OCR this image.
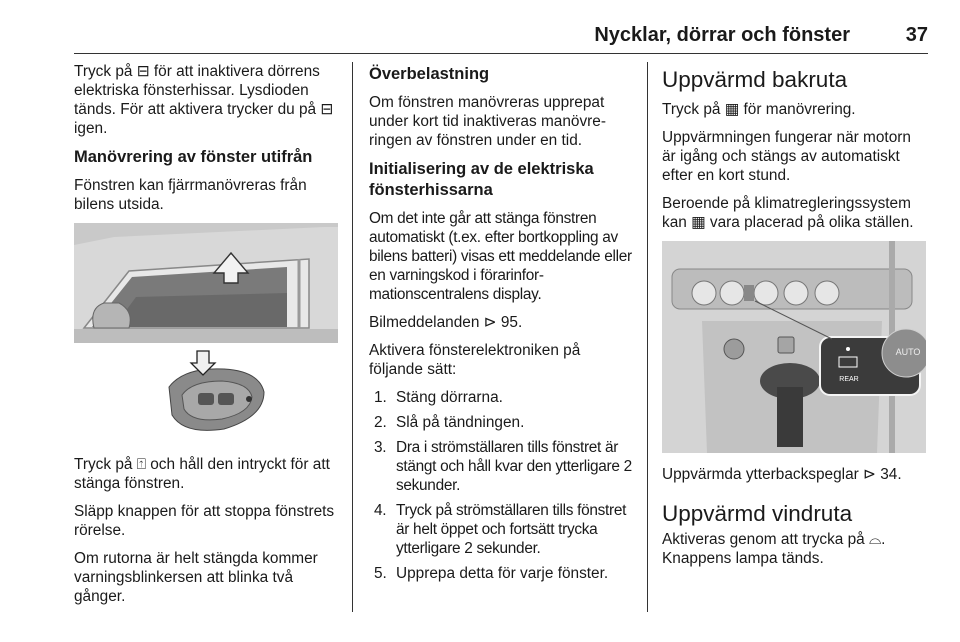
Nycklar, dörrar och fönster	37

Tryck på ⊟ för att inaktivera dörrens elektriska fönsterhissar. Lysdioden tänds. För att aktivera trycker du på ⊟ igen.

Manövrering av fönster utifrån

Fönstren kan fjärrmanövreras från bilens utsida.

Tryck på ⍐ och håll den intryckt för att stänga fönstren.

Släpp knappen för att stoppa fönstrets rörelse.

Om rutorna är helt stängda kommer varningsblinkersen att blinka två gånger.

Överbelastning

Om fönstren manövreras upprepat under kort tid inaktiveras manövreringen av fönstren under en tid.

Initialisering av de elektriska fönsterhissarna

Om det inte går att stänga fönstren automatiskt (t.ex. efter bortkoppling av bilens batteri) visas ett meddelande eller en varningskod i förarinformationscentralens display.

Bilmeddelanden ⊳ 95.

Aktivera fönsterelektroniken på följande sätt:

1. Stäng dörrarna.
2. Slå på tändningen.
3. Dra i strömställaren tills fönstret är stängt och håll kvar den ytterligare 2 sekunder.
4. Tryck på strömställaren tills fönstret är helt öppet och fortsätt trycka ytterligare 2 sekunder.
5. Upprepa detta för varje fönster.
Uppvärmd bakruta

Tryck på ▦ för manövrering.

Uppvärmningen fungerar när motorn är igång och stängs av automatiskt efter en kort stund.

Beroende på klimatregleringssystem kan ▦ vara placerad på olika ställen.

REAR
AUTO

Uppvärmda ytterbackspeglar ⊳ 34.

Uppvärmd vindruta

Aktiveras genom att trycka på ⌓. Knappens lampa tänds.
